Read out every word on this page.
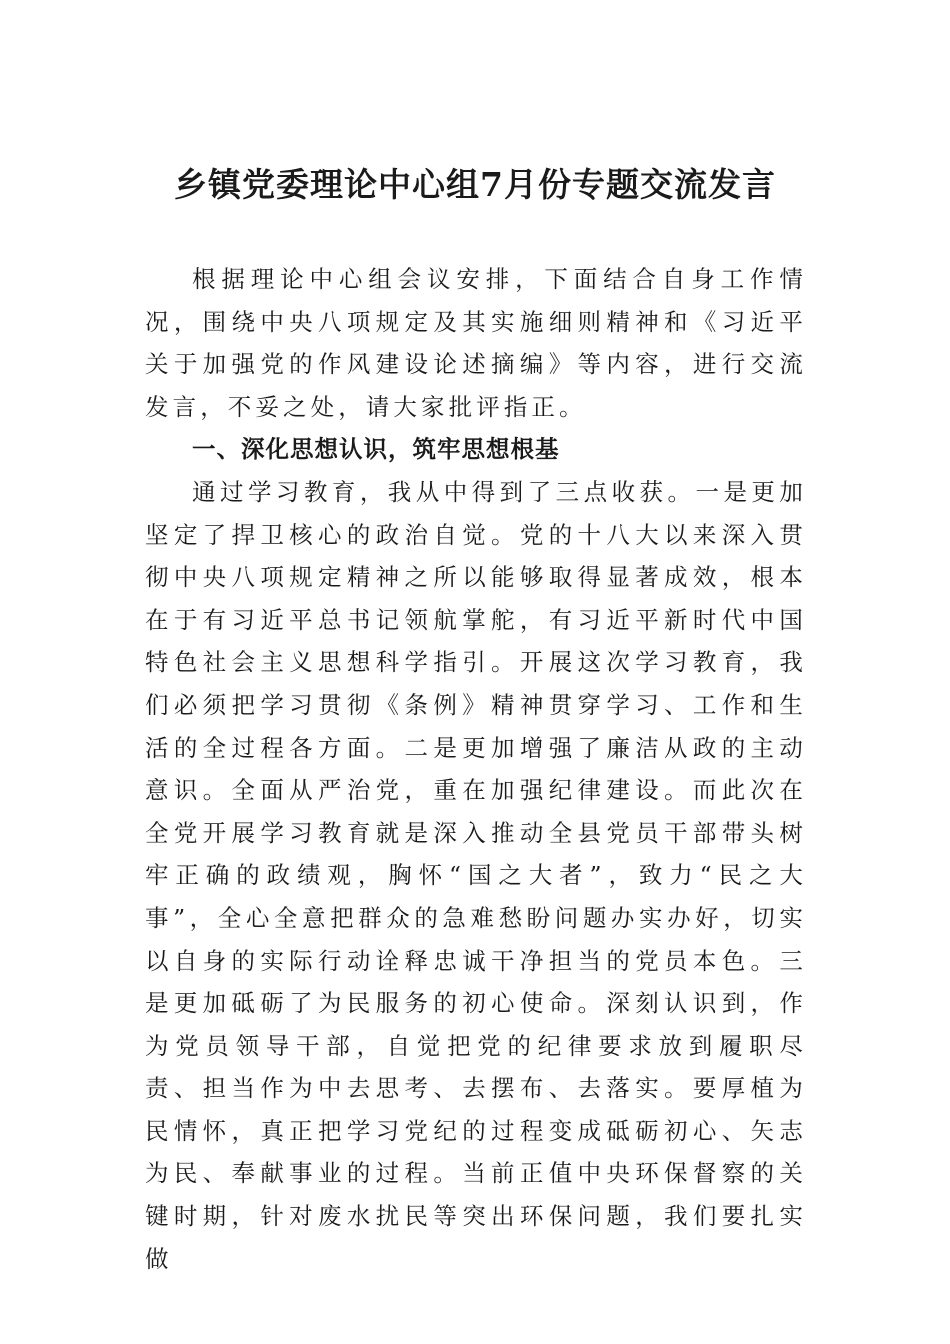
乡镇党委理论中心组7月份专题交流发言

根据理论中心组会议安排，下面结合自身工作情况，围绕中央八项规定及其实施细则精神和《习近平关于加强党的作风建设论述摘编》等内容，进行交流发言，不妥之处，请大家批评指正。

一、深化思想认识，筑牢思想根基

通过学习教育，我从中得到了三点收获。一是更加坚定了捍卫核心的政治自觉。党的十八大以来深入贯彻中央八项规定精神之所以能够取得显著成效，根本在于有习近平总书记领航掌舵，有习近平新时代中国特色社会主义思想科学指引。开展这次学习教育，我们必须把学习贯彻《条例》精神贯穿学习、工作和生活的全过程各方面。二是更加增强了廉洁从政的主动意识。全面从严治党，重在加强纪律建设。而此次在全党开展学习教育就是深入推动全县党员干部带头树牢正确的政绩观，胸怀“国之大者”，致力“民之大事”，全心全意把群众的急难愁盼问题办实办好，切实以自身的实际行动诠释忠诚干净担当的党员本色。三是更加砥砺了为民服务的初心使命。深刻认识到，作为党员领导干部，自觉把党的纪律要求放到履职尽责、担当作为中去思考、去摆布、去落实。要厚植为民情怀，真正把学习党纪的过程变成砥砺初心、矢志为民、奉献事业的过程。当前正值中央环保督察的关键时期，针对废水扰民等突出环保问题，我们要扎实做
